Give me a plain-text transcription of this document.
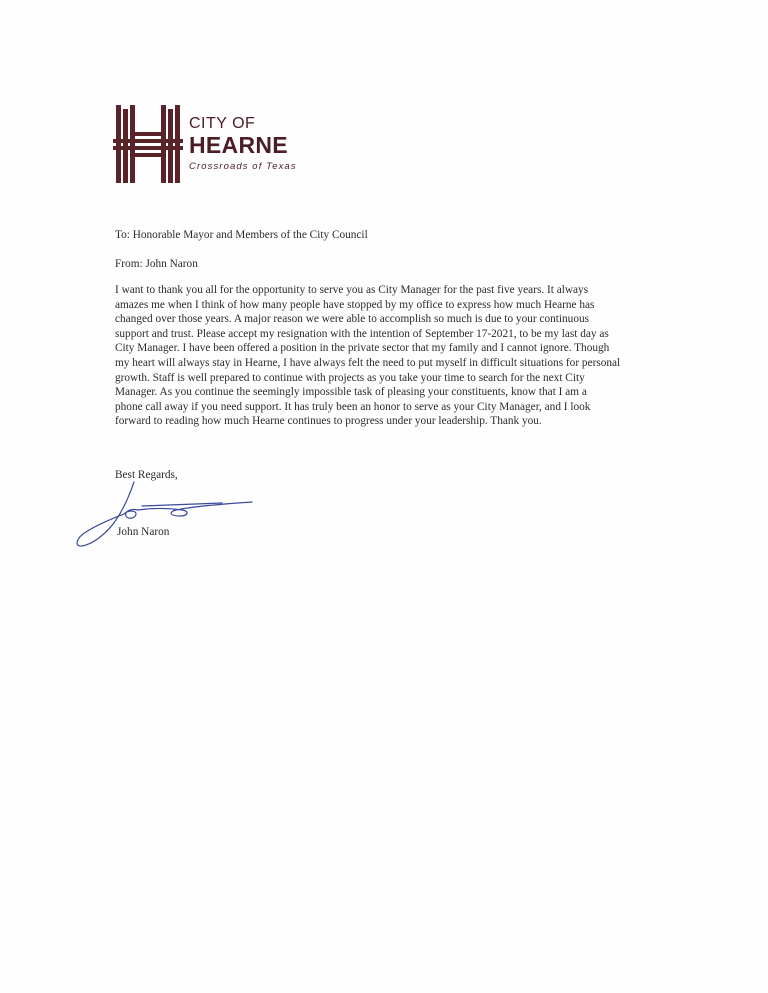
CITY OF
HEARNE
Crossroads of Texas
To: Honorable Mayor and Members of the City Council
From: John Naron
I want to thank you all for the opportunity to serve you as City Manager for the past five years. It always
amazes me when I think of how many people have stopped by my office to express how much Hearne has
changed over those years. A major reason we were able to accomplish so much is due to your continuous
support and trust. Please accept my resignation with the intention of September 17-2021, to be my last day as
City Manager. I have been offered a position in the private sector that my family and I cannot ignore. Though
my heart will always stay in Hearne, I have always felt the need to put myself in difficult situations for personal
growth. Staff is well prepared to continue with projects as you take your time to search for the next City
Manager. As you continue the seemingly impossible task of pleasing your constituents, know that I am a
phone call away if you need support. It has truly been an honor to serve as your City Manager, and I look
forward to reading how much Hearne continues to progress under your leadership. Thank you.
Best Regards,
John Naron
